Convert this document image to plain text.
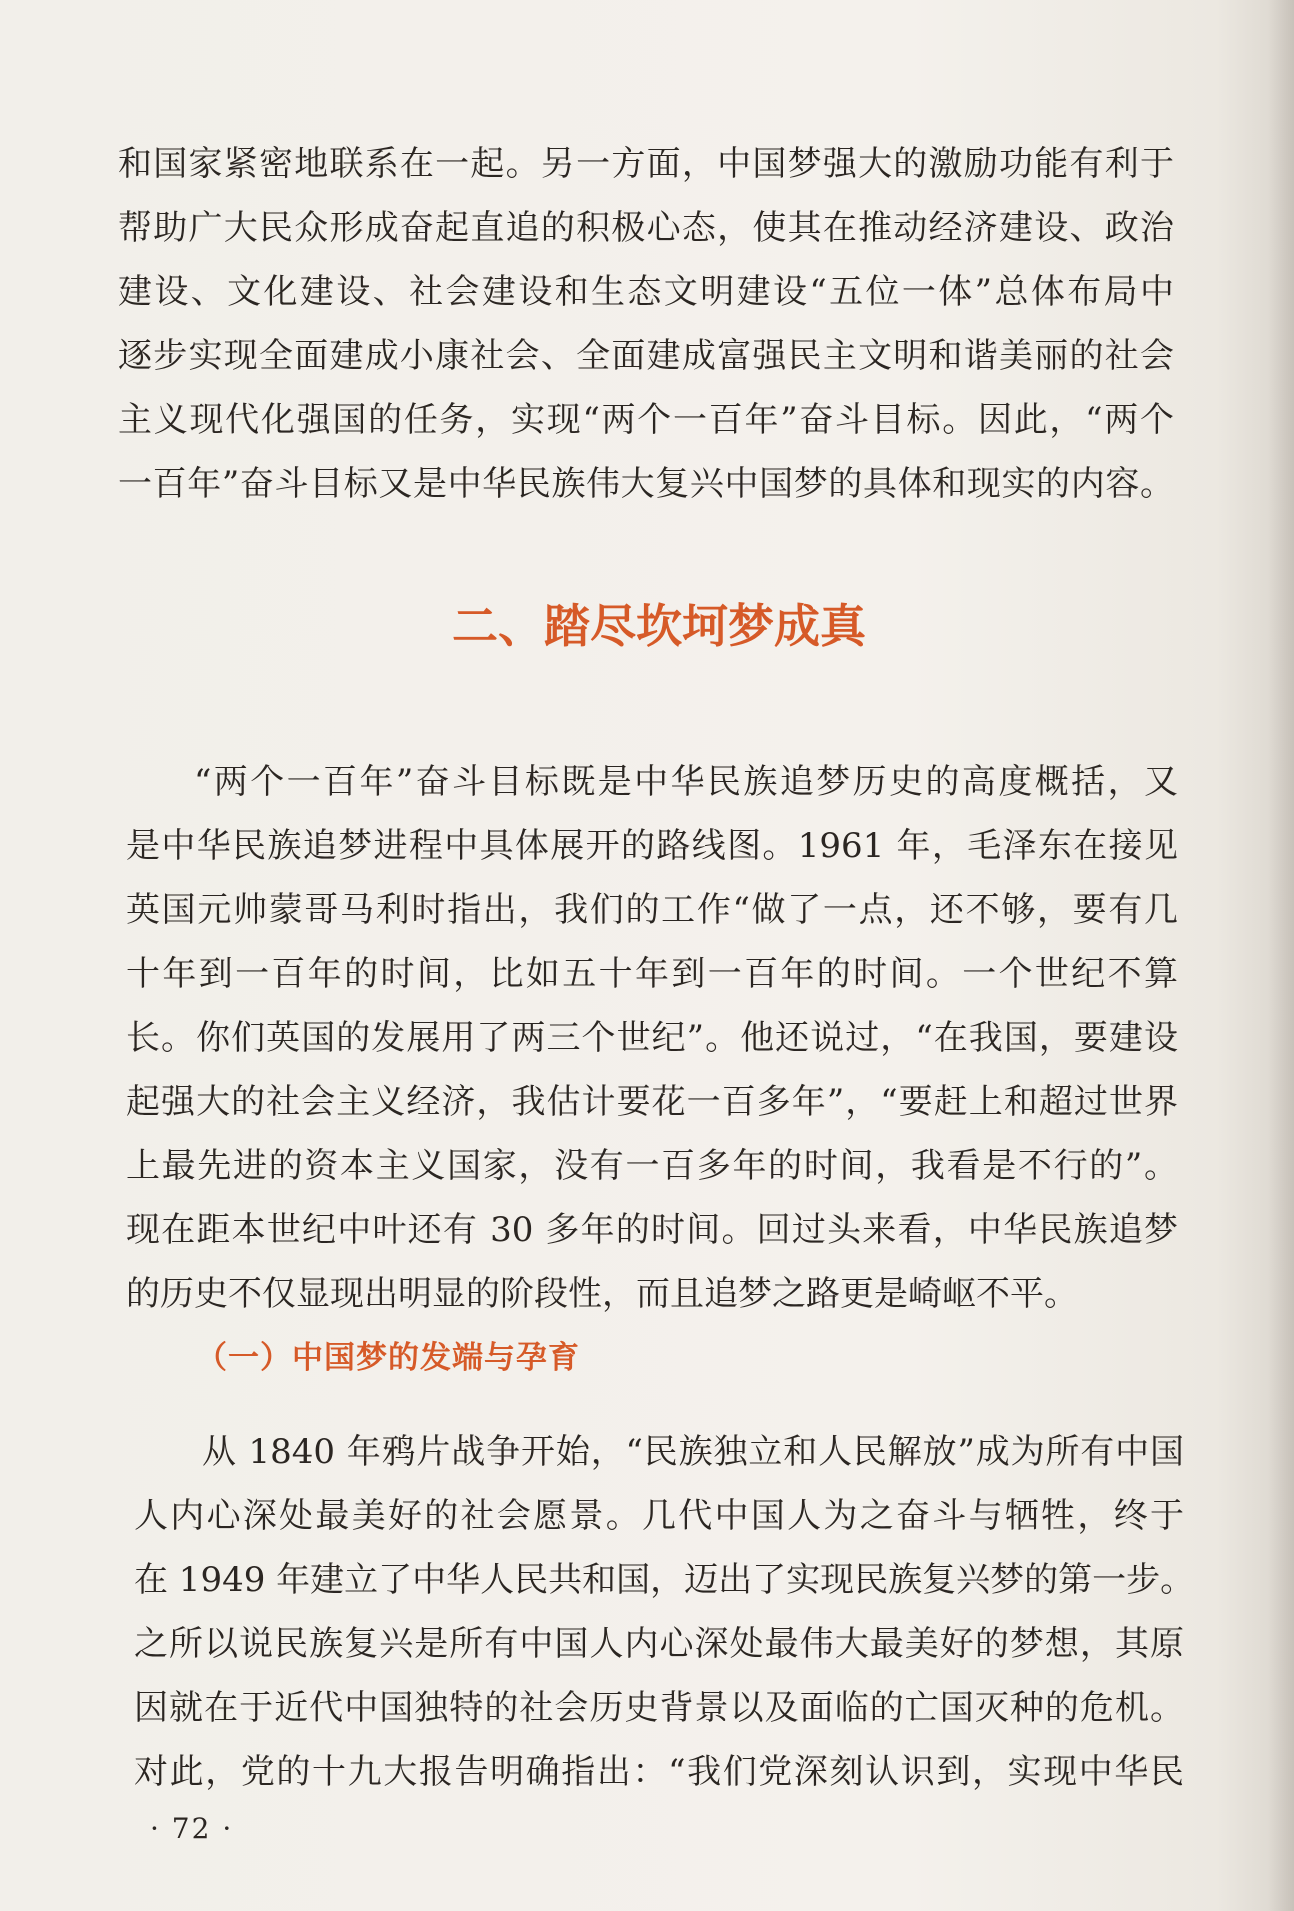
和国家紧密地联系在一起。另一方面，中国梦强大的激励功能有利于
帮助广大民众形成奋起直追的积极心态，使其在推动经济建设、政治
建设、文化建设、社会建设和生态文明建设“五位一体”总体布局中
逐步实现全面建成小康社会、全面建成富强民主文明和谐美丽的社会
主义现代化强国的任务，实现“两个一百年”奋斗目标。因此，“两个
一百年”奋斗目标又是中华民族伟大复兴中国梦的具体和现实的内容。

二、踏尽坎坷梦成真

“两个一百年”奋斗目标既是中华民族追梦历史的高度概括，又
是中华民族追梦进程中具体展开的路线图。1961 年，毛泽东在接见
英国元帅蒙哥马利时指出，我们的工作“做了一点，还不够，要有几
十年到一百年的时间，比如五十年到一百年的时间。一个世纪不算
长。你们英国的发展用了两三个世纪”。他还说过，“在我国，要建设
起强大的社会主义经济，我估计要花一百多年”，“要赶上和超过世界
上最先进的资本主义国家，没有一百多年的时间，我看是不行的”。
现在距本世纪中叶还有 30 多年的时间。回过头来看，中华民族追梦
的历史不仅显现出明显的阶段性，而且追梦之路更是崎岖不平。

（一）中国梦的发端与孕育

从 1840 年鸦片战争开始，“民族独立和人民解放”成为所有中国
人内心深处最美好的社会愿景。几代中国人为之奋斗与牺牲，终于
在 1949 年建立了中华人民共和国，迈出了实现民族复兴梦的第一步。
之所以说民族复兴是所有中国人内心深处最伟大最美好的梦想，其原
因就在于近代中国独特的社会历史背景以及面临的亡国灭种的危机。
对此，党的十九大报告明确指出：“我们党深刻认识到，实现中华民

· 72 ·
